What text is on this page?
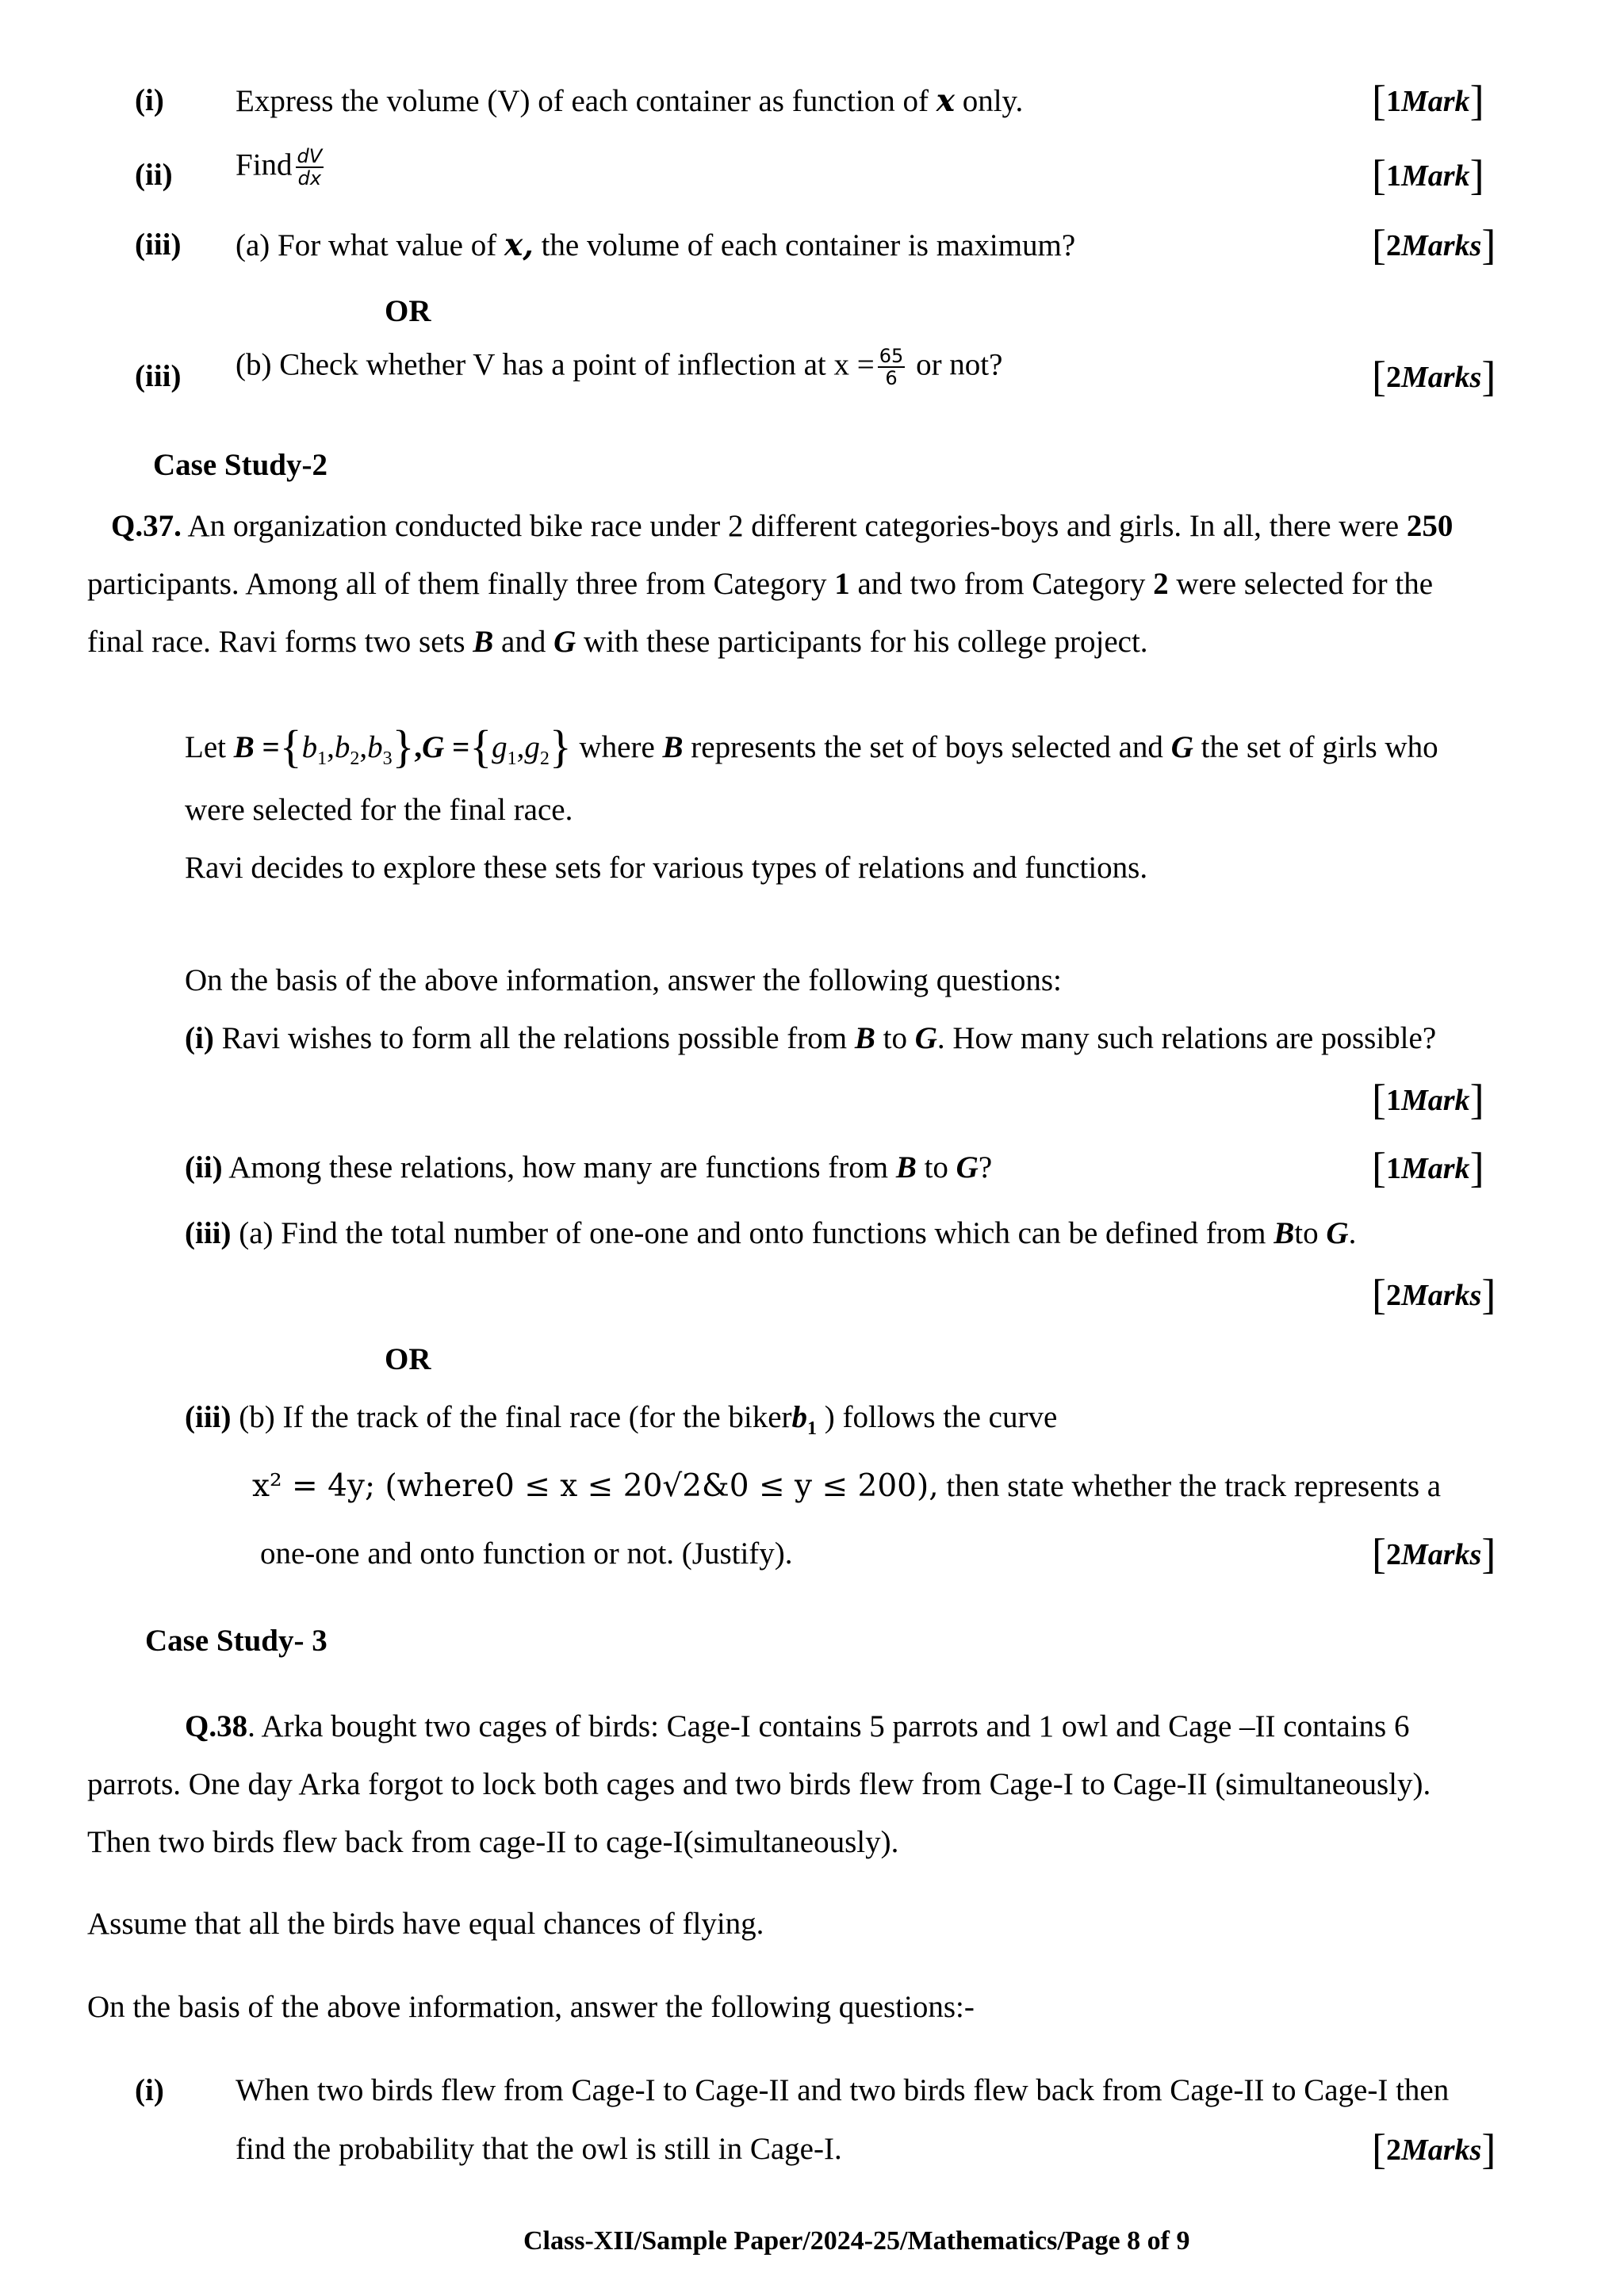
(i) Express the volume (V) of each container as function of x only.	[1Mark]
(ii) Find $\frac{dV}{dx}$	[1Mark]
(iii) (a) For what value of x, the volume of each container is maximum?	[2Marks]
OR
(iii) (b) Check whether V has a point of inflection at $x = \frac{65}{6}$ or not?	[2Marks]
Case Study-2
Q.37. An organization conducted bike race under 2 different categories-boys and girls. In all, there were 250
participants. Among all of them finally three from Category 1 and two from Category 2 were selected for the
final race. Ravi forms two sets B and G with these participants for his college project.
Let $B =\{b_1,b_2,b_3\},G =\{g_1,g_2\}$ where B represents the set of boys selected and G the set of girls who
were selected for the final race.
Ravi decides to explore these sets for various types of relations and functions.
On the basis of the above information, answer the following questions:
(i) Ravi wishes to form all the relations possible from B to G. How many such relations are possible?
[1Mark]
(ii) Among these relations, how many are functions from B to G?	[1Mark]
(iii) (a) Find the total number of one-one and onto functions which can be defined from Bto G.
[2Marks]
OR
(iii) (b) If the track of the final race (for the bikerb$_1$ ) follows the curve
x² = 4y; (where0 ≤ x ≤ 20√2&0 ≤ y ≤ 200), then state whether the track represents a
one-one and onto function or not. (Justify).	[2Marks]
Case Study- 3
Q.38. Arka bought two cages of birds: Cage-I contains 5 parrots and 1 owl and Cage –II contains 6
parrots. One day Arka forgot to lock both cages and two birds flew from Cage-I to Cage-II (simultaneously).
Then two birds flew back from cage-II to cage-I(simultaneously).
Assume that all the birds have equal chances of flying.
On the basis of the above information, answer the following questions:-
(i) When two birds flew from Cage-I to Cage-II and two birds flew back from Cage-II to Cage-I then
find the probability that the owl is still in Cage-I.	[2Marks]
Class-XII/Sample Paper/2024-25/Mathematics/Page 8 of 9
